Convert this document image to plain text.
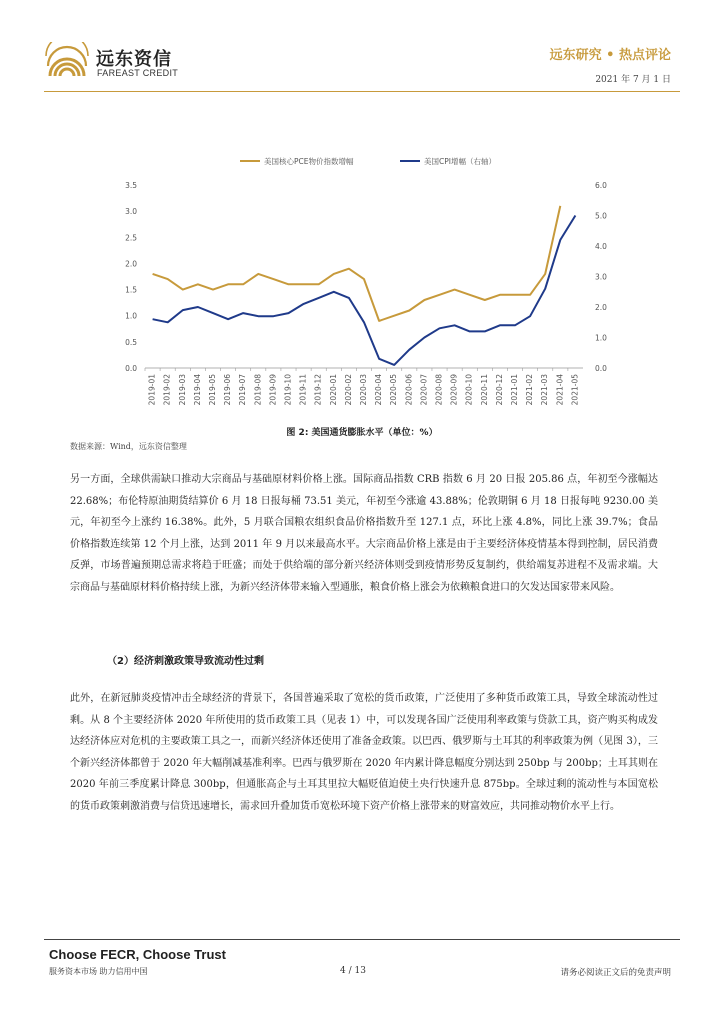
远东资信
FAREAST CREDIT
远东研究 • 热点评论
2021 年 7 月 1 日
0.0
0.5
1.0
1.5
2.0
2.5
3.0
3.5
0.0
1.0
2.0
3.0
4.0
5.0
6.0
2019-01 2019-02 2019-03 2019-04 2019-05 2019-06 2019-07 2019-08 2019-09 2019-10 2019-11 2019-12 2020-01 2020-02 2020-03 2020-04 2020-05 2020-06 2020-07 2020-08 2020-09 2020-10 2020-11 2020-12 2021-01 2021-02 2021-03 2021-04 2021-05
美国核心PCE物价指数增幅	美国CPI增幅（右轴）
图 2: 美国通货膨胀水平（单位：%）
数据来源：Wind，远东资信整理
另一方面，全球供需缺口推动大宗商品与基础原材料价格上涨。国际商品指数 CRB 指数 6 月 20 日报 205.86 点，年初至今涨幅达 22.68%；布伦特原油期货结算价 6 月 18 日报每桶 73.51 美元，年初至今涨逾 43.88%；伦敦期铜 6 月 18 日报每吨 9230.00 美元，年初至今上涨约 16.38%。此外，5 月联合国粮农组织食品价格指数升至 127.1 点，环比上涨 4.8%，同比上涨 39.7%；食品价格指数连续第 12 个月上涨，达到 2011 年 9 月以来最高水平。大宗商品价格上涨是由于主要经济体疫情基本得到控制，居民消费反弹，市场普遍预期总需求将趋于旺盛；而处于供给端的部分新兴经济体则受到疫情形势反复制约，供给端复苏进程不及需求端。大宗商品与基础原材料价格持续上涨，为新兴经济体带来输入型通胀，粮食价格上涨会为依赖粮食进口的欠发达国家带来风险。
（2）经济刺激政策导致流动性过剩
此外，在新冠肺炎疫情冲击全球经济的背景下，各国普遍采取了宽松的货币政策，广泛使用了多种货币政策工具，导致全球流动性过剩。从 8 个主要经济体 2020 年所使用的货币政策工具（见表 1）中，可以发现各国广泛使用利率政策与贷款工具，资产购买构成发达经济体应对危机的主要政策工具之一，而新兴经济体还使用了准备金政策。以巴西、俄罗斯与土耳其的利率政策为例（见图 3），三个新兴经济体都曾于 2020 年大幅削减基准利率。巴西与俄罗斯在 2020 年内累计降息幅度分别达到 250bp 与 200bp；土耳其则在 2020 年前三季度累计降息 300bp，但通胀高企与土耳其里拉大幅贬值迫使土央行快速升息 875bp。全球过剩的流动性与本国宽松的货币政策刺激消费与信贷迅速增长，需求回升叠加货币宽松环境下资产价格上涨带来的财富效应，共同推动物价水平上行。
Choose FECR, Choose Trust
服务资本市场 助力信用中国	4 / 13	请务必阅读正文后的免责声明
